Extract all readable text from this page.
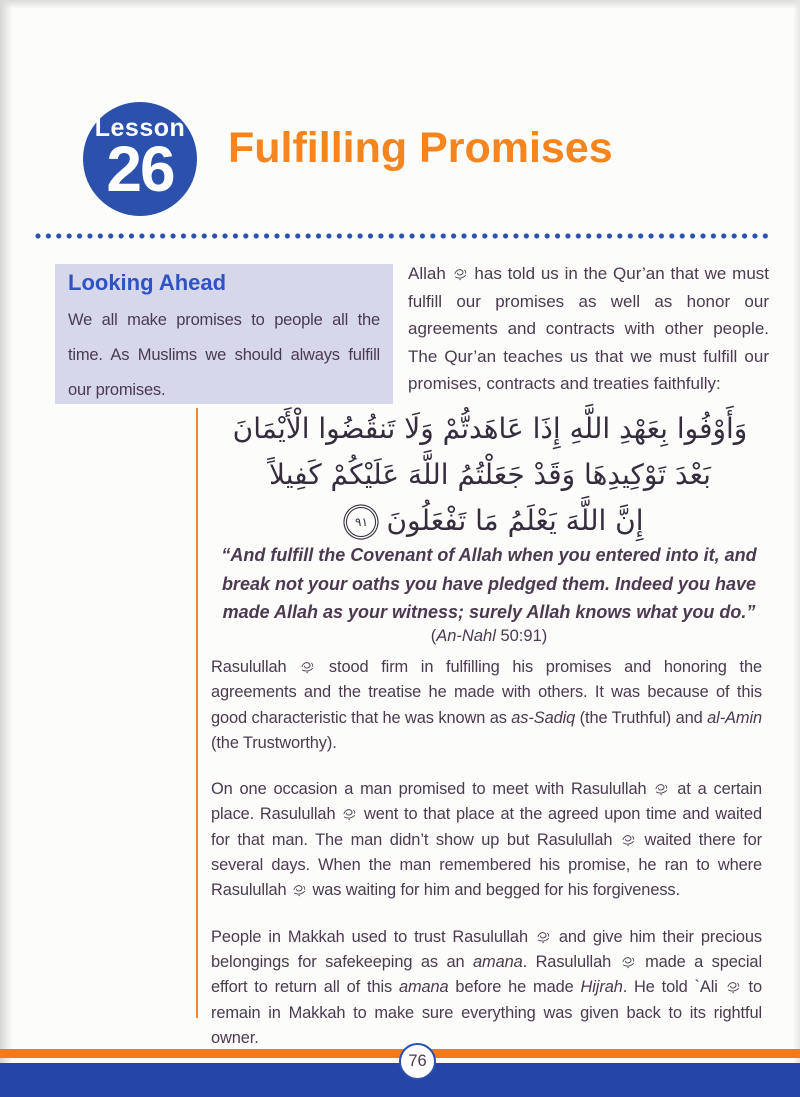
Lesson
26	Fulfilling Promises
Looking Ahead

We all make promises to people all the time. As Muslims we should always fulfill our promises.

Allah  has told us in the Qur’an that we must fulfill our promises as well as honor our agreements and contracts with other people. The Qur’an teaches us that we must fulfill our promises, contracts and treaties faithfully:

وَأَوْفُوا بِعَهْدِ اللَّهِ إِذَا عَاهَدتُّمْ وَلَا تَنقُضُوا الْأَيْمَانَ
بَعْدَ تَوْكِيدِهَا وَقَدْ جَعَلْتُمُ اللَّهَ عَلَيْكُمْ كَفِيلاً
إِنَّ اللَّهَ يَعْلَمُ مَا تَفْعَلُونَ٩١

“And fulfill the Covenant of Allah when you entered into it, and break not your oaths you have pledged them. Indeed you have made Allah as your witness; surely Allah knows what you do.”

(An-Nahl 50:91)

Rasulullah  stood firm in fulfilling his promises and honoring the agreements and the treatise he made with others. It was because of this good characteristic that he was known as as-Sadiq (the Truthful) and al-Amin (the Trustworthy).

On one occasion a man promised to meet with Rasulullah  at a certain place. Rasulullah  went to that place at the agreed upon time and waited for that man. The man didn’t show up but Rasulullah  waited there for several days. When the man remembered his promise, he ran to where Rasulullah  was waiting for him and begged for his forgiveness.

People in Makkah used to trust Rasulullah  and give him their precious belongings for safekeeping as an amana. Rasulullah  made a special effort to return all of this amana before he made Hijrah. He told `Ali  to remain in Makkah to make sure everything was given back to its rightful owner.

76
